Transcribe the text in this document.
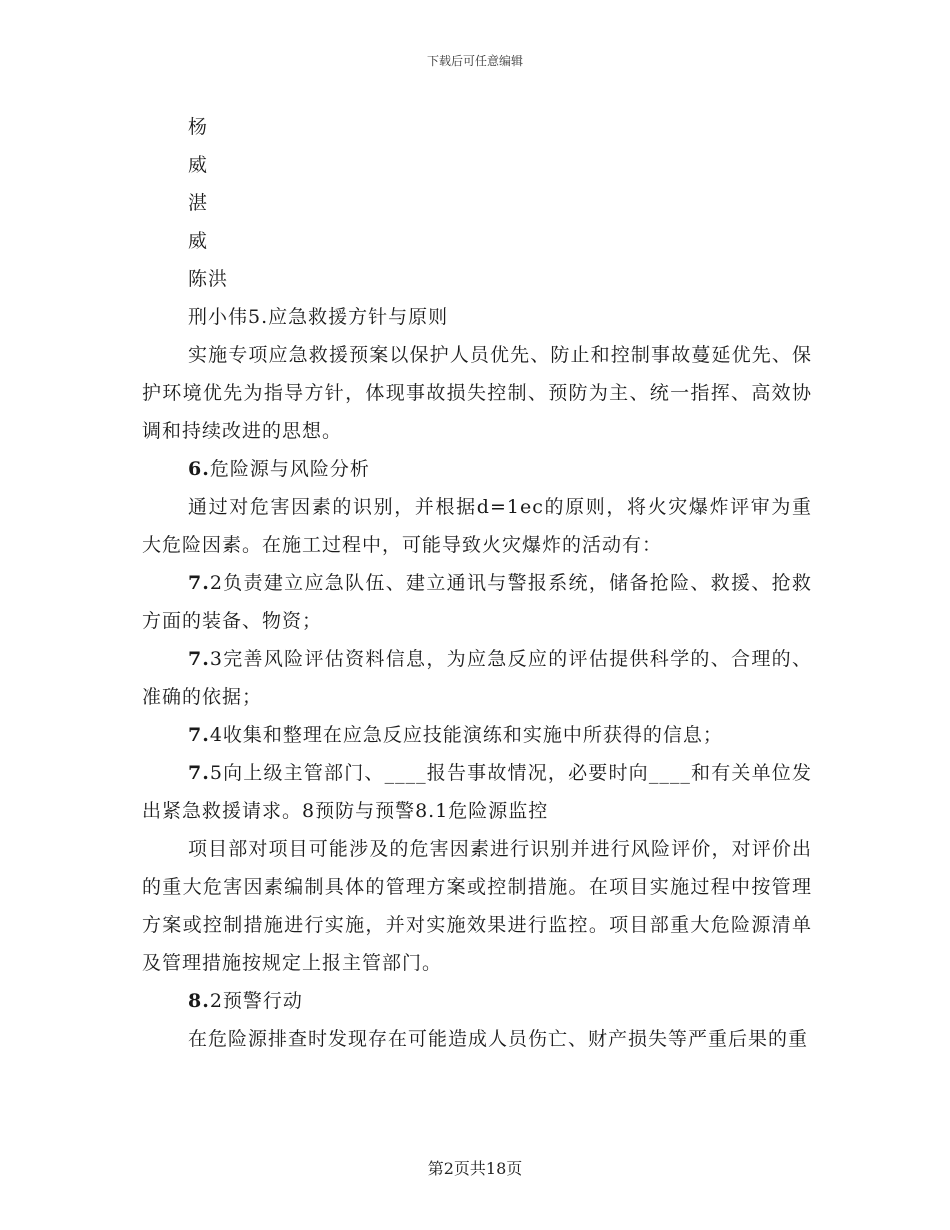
下载后可任意编辑

杨

威

湛

威

陈洪

刑小伟5.应急救援方针与原则

实施专项应急救援预案以保护人员优先、防止和控制事故蔓延优先、保护环境优先为指导方针，体现事故损失控制、预防为主、统一指挥、高效协调和持续改进的思想。

6.危险源与风险分析

通过对危害因素的识别，并根据d=1ec的原则，将火灾爆炸评审为重大危险因素。在施工过程中，可能导致火灾爆炸的活动有：

7.2负责建立应急队伍、建立通讯与警报系统，储备抢险、救援、抢救方面的装备、物资；

7.3完善风险评估资料信息，为应急反应的评估提供科学的、合理的、准确的依据；

7.4收集和整理在应急反应技能演练和实施中所获得的信息；

7.5向上级主管部门、____报告事故情况，必要时向____和有关单位发出紧急救援请求。8预防与预警8.1危险源监控

项目部对项目可能涉及的危害因素进行识别并进行风险评价，对评价出的重大危害因素编制具体的管理方案或控制措施。在项目实施过程中按管理方案或控制措施进行实施，并对实施效果进行监控。项目部重大危险源清单及管理措施按规定上报主管部门。

8.2预警行动

在危险源排查时发现存在可能造成人员伤亡、财产损失等严重后果的重

第2页共18页
